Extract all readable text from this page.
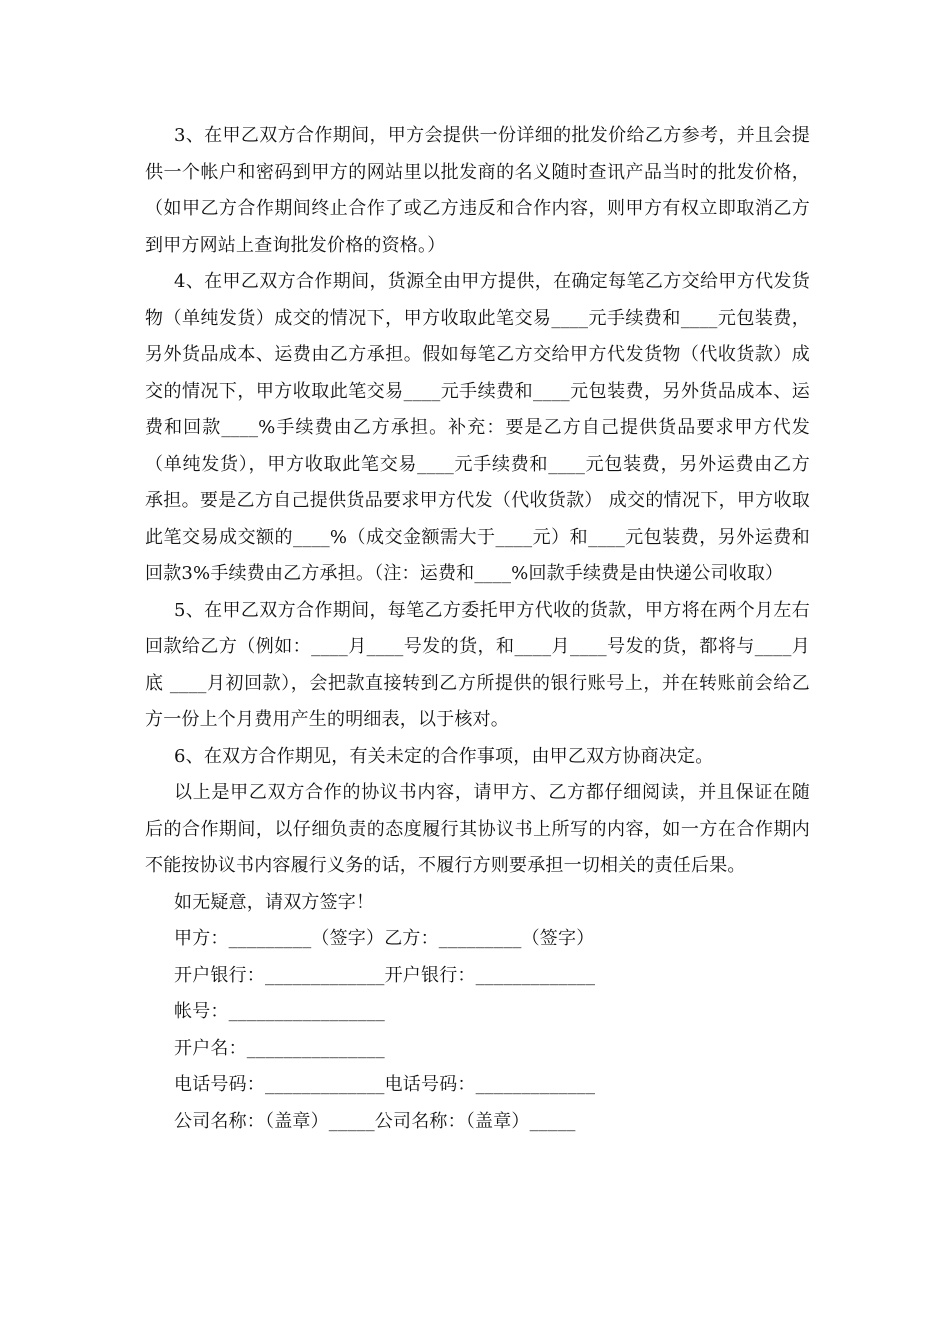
3、在甲乙双方合作期间，甲方会提供一份详细的批发价给乙方参考，并且会提供一个帐户和密码到甲方的网站里以批发商的名义随时查讯产品当时的批发价格，（如甲乙方合作期间终止合作了或乙方违反和合作内容，则甲方有权立即取消乙方到甲方网站上查询批发价格的资格。）

4、在甲乙双方合作期间，货源全由甲方提供，在确定每笔乙方交给甲方代发货物（单纯发货）成交的情况下，甲方收取此笔交易____元手续费和____元包装费，另外货品成本、运费由乙方承担。假如每笔乙方交给甲方代发货物（代收货款）成交的情况下，甲方收取此笔交易____元手续费和____元包装费，另外货品成本、运费和回款____%手续费由乙方承担。补充：要是乙方自己提供货品要求甲方代发（单纯发货），甲方收取此笔交易____元手续费和____元包装费，另外运费由乙方承担。要是乙方自己提供货品要求甲方代发（代收货款） 成交的情况下，甲方收取此笔交易成交额的____%（成交金额需大于____元）和____元包装费，另外运费和回款3%手续费由乙方承担。（注：运费和____%回款手续费是由快递公司收取）

5、在甲乙双方合作期间，每笔乙方委托甲方代收的货款，甲方将在两个月左右回款给乙方（例如：____月____号发的货，和____月____号发的货，都将与____月底 ____月初回款），会把款直接转到乙方所提供的银行账号上，并在转账前会给乙方一份上个月费用产生的明细表，以于核对。

6、在双方合作期见，有关未定的合作事项，由甲乙双方协商决定。

以上是甲乙双方合作的协议书内容，请甲方、乙方都仔细阅读，并且保证在随后的合作期间，以仔细负责的态度履行其协议书上所写的内容，如一方在合作期内不能按协议书内容履行义务的话，不履行方则要承担一切相关的责任后果。

如无疑意，请双方签字！
甲方：_________（签字）乙方：_________（签字）
开户银行：_____________开户银行：_____________
帐号：_________________
开户名：_______________
电话号码：_____________电话号码：_____________
公司名称：（盖章）_____公司名称：（盖章）_____
